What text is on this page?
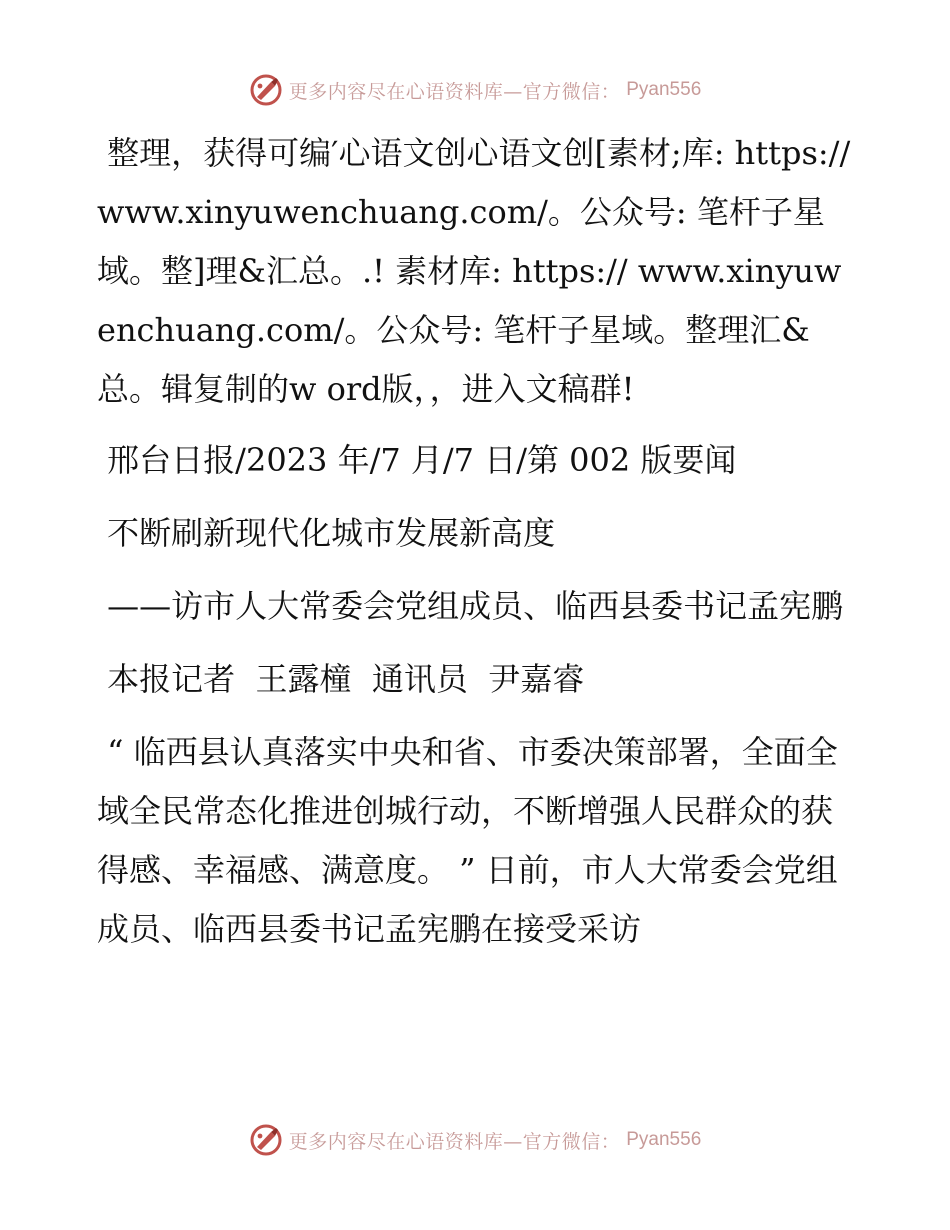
更多内容尽在心语资料库—官方微信： Pyan556

整理，获得可编′心语文创心语文创[素材;库: https://www.xinyuwenchuang.com/。公众号: 笔杆子星域。整]理&汇总。.! 素材库: https:// www.xinyuwenchuang.com/。公众号: 笔杆子星域。整理汇&总。辑复制的w ord版，，进入文稿群!

邢台日报/2023 年/7 月/7 日/第 002 版要闻

不断刷新现代化城市发展新高度

——访市人大常委会党组成员、临西县委书记孟宪鹏

本报记者  王露橦  通讯员  尹嘉睿

“ 临西县认真落实中央和省、市委决策部署，全面全域全民常态化推进创城行动，不断增强人民群众的获得感、幸福感、满意度。 ” 日前，市人大常委会党组成员、临西县委书记孟宪鹏在接受采访

更多内容尽在心语资料库—官方微信： Pyan556
